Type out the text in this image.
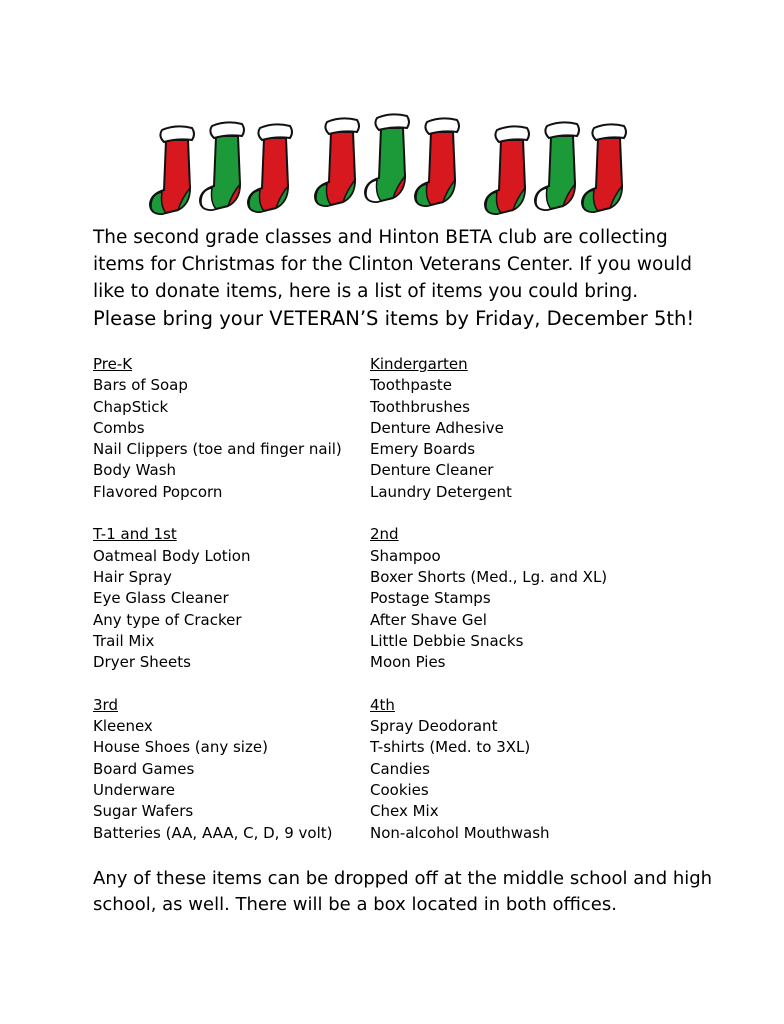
The second grade classes and Hinton BETA club are collecting
items for Christmas for the Clinton Veterans Center. If you would
like to donate items, here is a list of items you could bring.

Please bring your VETERAN’S items by Friday, December 5th!

Pre-K
Bars of Soap
ChapStick
Combs
Nail Clippers (toe and finger nail)
Body Wash
Flavored Popcorn
T-1 and 1st
Oatmeal Body Lotion
Hair Spray
Eye Glass Cleaner
Any type of Cracker
Trail Mix
Dryer Sheets
3rd
Kleenex
House Shoes (any size)
Board Games
Underware
Sugar Wafers
Batteries (AA, AAA, C, D, 9 volt)
Kindergarten
Toothpaste
Toothbrushes
Denture Adhesive
Emery Boards
Denture Cleaner
Laundry Detergent
2nd
Shampoo
Boxer Shorts (Med., Lg. and XL)
Postage Stamps
After Shave Gel
Little Debbie Snacks
Moon Pies
4th
Spray Deodorant
T-shirts (Med. to 3XL)
Candies
Cookies
Chex Mix
Non-alcohol Mouthwash

Any of these items can be dropped off at the middle school and high
school, as well. There will be a box located in both offices.
